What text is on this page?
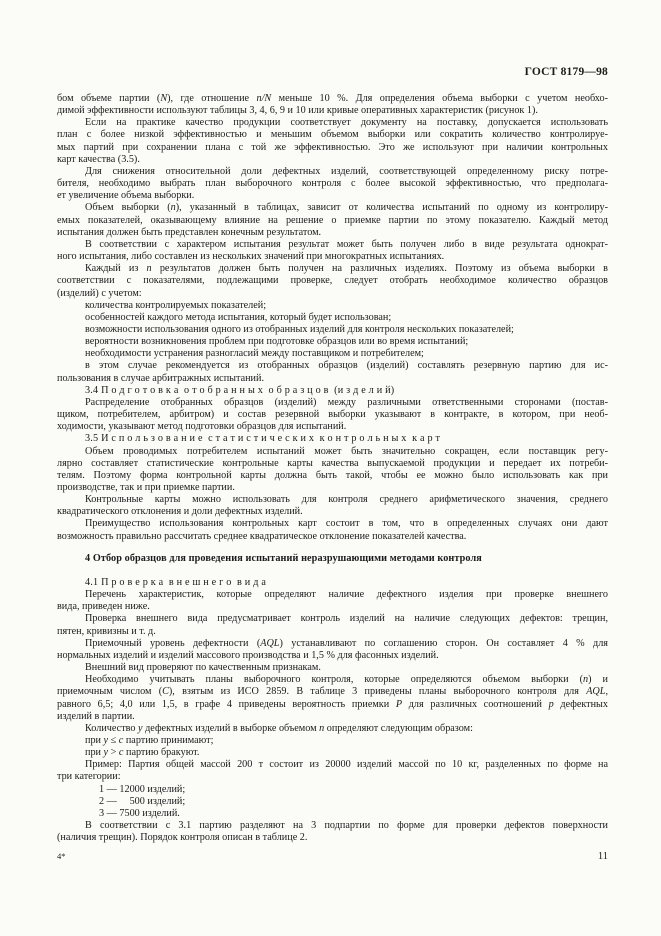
ГОСТ 8179—98
бом объеме партии (N), где отношение n/N меньше 10 %. Для определения объема выборки с учетом необхо-
димой эффективности используют таблицы 3, 4, 6, 9 и 10 или кривые оперативных характеристик (рисунок 1).
Если на практике качество продукции соответствует документу на поставку, допускается использовать
план с более низкой эффективностью и меньшим объемом выборки или сократить количество контролируе-
мых партий при сохранении плана с той же эффективностью. Это же используют при наличии контрольных
карт качества (3.5).
Для снижения относительной доли дефектных изделий, соответствующей определенному риску потре-
бителя, необходимо выбрать план выборочного контроля с более высокой эффективностью, что предполага-
ет увеличение объема выборки.
Объем выборки (n), указанный в таблицах, зависит от количества испытаний по одному из контролиру-
емых показателей, оказывающему влияние на решение о приемке партии по этому показателю. Каждый метод
испытания должен быть представлен конечным результатом.
В соответствии с характером испытания результат может быть получен либо в виде результата однократ-
ного испытания, либо составлен из нескольких значений при многократных испытаниях.
Каждый из n результатов должен быть получен на различных изделиях. Поэтому из объема выборки в
соответствии с показателями, подлежащими проверке, следует отобрать необходимое количество образцов
(изделий) с учетом:
количества контролируемых показателей;
особенностей каждого метода испытания, который будет использован;
возможности использования одного из отобранных изделий для контроля нескольких показателей;
вероятности возникновения проблем при подготовке образцов или во время испытаний;
необходимости устранения разногласий между поставщиком и потребителем;
в этом случае рекомендуется из отобранных образцов (изделий) составлять резервную партию для ис-
пользования в случае арбитражных испытаний.
3.4 П о д г о т о в к а  о т о б р а н н ы х  о б р а з ц о в  (и з д е л и й)
Распределение отобранных образцов (изделий) между различными ответственными сторонами (постав-
щиком, потребителем, арбитром) и состав резервной выборки указывают в контракте, в котором, при необ-
ходимости, указывают метод подготовки образцов для испытаний.
3.5 И с п о л ь з о в а н и е  с т а т и с т и ч е с к и х  к о н т р о л ь н ы х  к а р т
Объем проводимых потребителем испытаний может быть значительно сокращен, если поставщик регу-
лярно составляет статистические контрольные карты качества выпускаемой продукции и передает их потреби-
телям. Поэтому форма контрольной карты должна быть такой, чтобы ее можно было использовать как при
производстве, так и при приемке партии.
Контрольные карты можно использовать для контроля среднего арифметического значения, среднего
квадратического отклонения и доли дефектных изделий.
Преимущество использования контрольных карт состоит в том, что в определенных случаях они дают
возможность правильно рассчитать среднее квадратическое отклонение показателей качества.
4 Отбор образцов для проведения испытаний неразрушающими методами контроля
4.1 П р о в е р к а  в н е ш н е г о  в и д а
Перечень характеристик, которые определяют наличие дефектного изделия при проверке внешнего
вида, приведен ниже.
Проверка внешнего вида предусматривает контроль изделий на наличие следующих дефектов: трещин,
пятен, кривизны и т. д.
Приемочный уровень дефектности (AQL) устанавливают по соглашению сторон. Он составляет 4 % для
нормальных изделий и изделий массового производства и 1,5 % для фасонных изделий.
Внешний вид проверяют по качественным признакам.
Необходимо учитывать планы выборочного контроля, которые определяются объемом выборки (n) и
приемочным числом (C), взятым из ИСО 2859. В таблице 3 приведены планы выборочного контроля для AQL,
равного 6,5; 4,0 или 1,5, в графе 4 приведены вероятность приемки P для различных соотношений p дефектных
изделий в партии.
Количество y дефектных изделий в выборке объемом n определяют следующим образом:
при y ≤ c партию принимают;
при y > c партию бракуют.
Пример: Партия общей массой 200 т состоит из 20000 изделий массой по 10 кг, разделенных по форме на
три категории:
1 — 12000 изделий;
2 —     500 изделий;
3 — 7500 изделий.
В соответствии с 3.1 партию разделяют на 3 подпартии по форме для проверки дефектов поверхности
(наличия трещин). Порядок контроля описан в таблице 2.
4*	11
